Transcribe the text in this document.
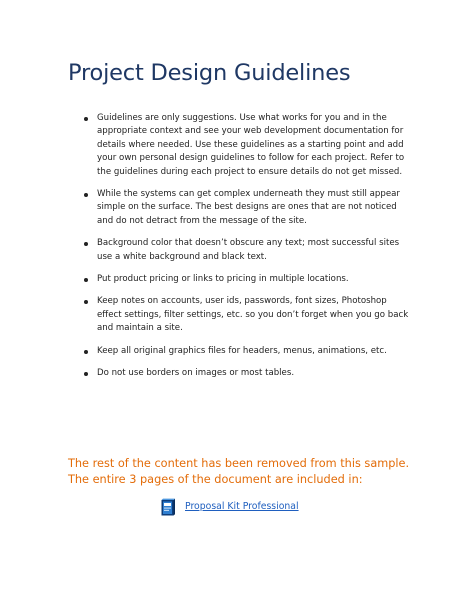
Project Design Guidelines
Guidelines are only suggestions. Use what works for you and in the appropriate context and see your web development documentation for details where needed. Use these guidelines as a starting point and add your own personal design guidelines to follow for each project. Refer to the guidelines during each project to ensure details do not get missed.
While the systems can get complex underneath they must still appear simple on the surface. The best designs are ones that are not noticed and do not detract from the message of the site.
Background color that doesn’t obscure any text; most successful sites use a white background and black text.
Put product pricing or links to pricing in multiple locations.
Keep notes on accounts, user ids, passwords, font sizes, Photoshop effect settings, filter settings, etc. so you don’t forget when you go back and maintain a site.
Keep all original graphics files for headers, menus, animations, etc.
Do not use borders on images or most tables.

The rest of the content has been removed from this sample. The entire 3 pages of the document are included in:

Proposal Kit Professional
